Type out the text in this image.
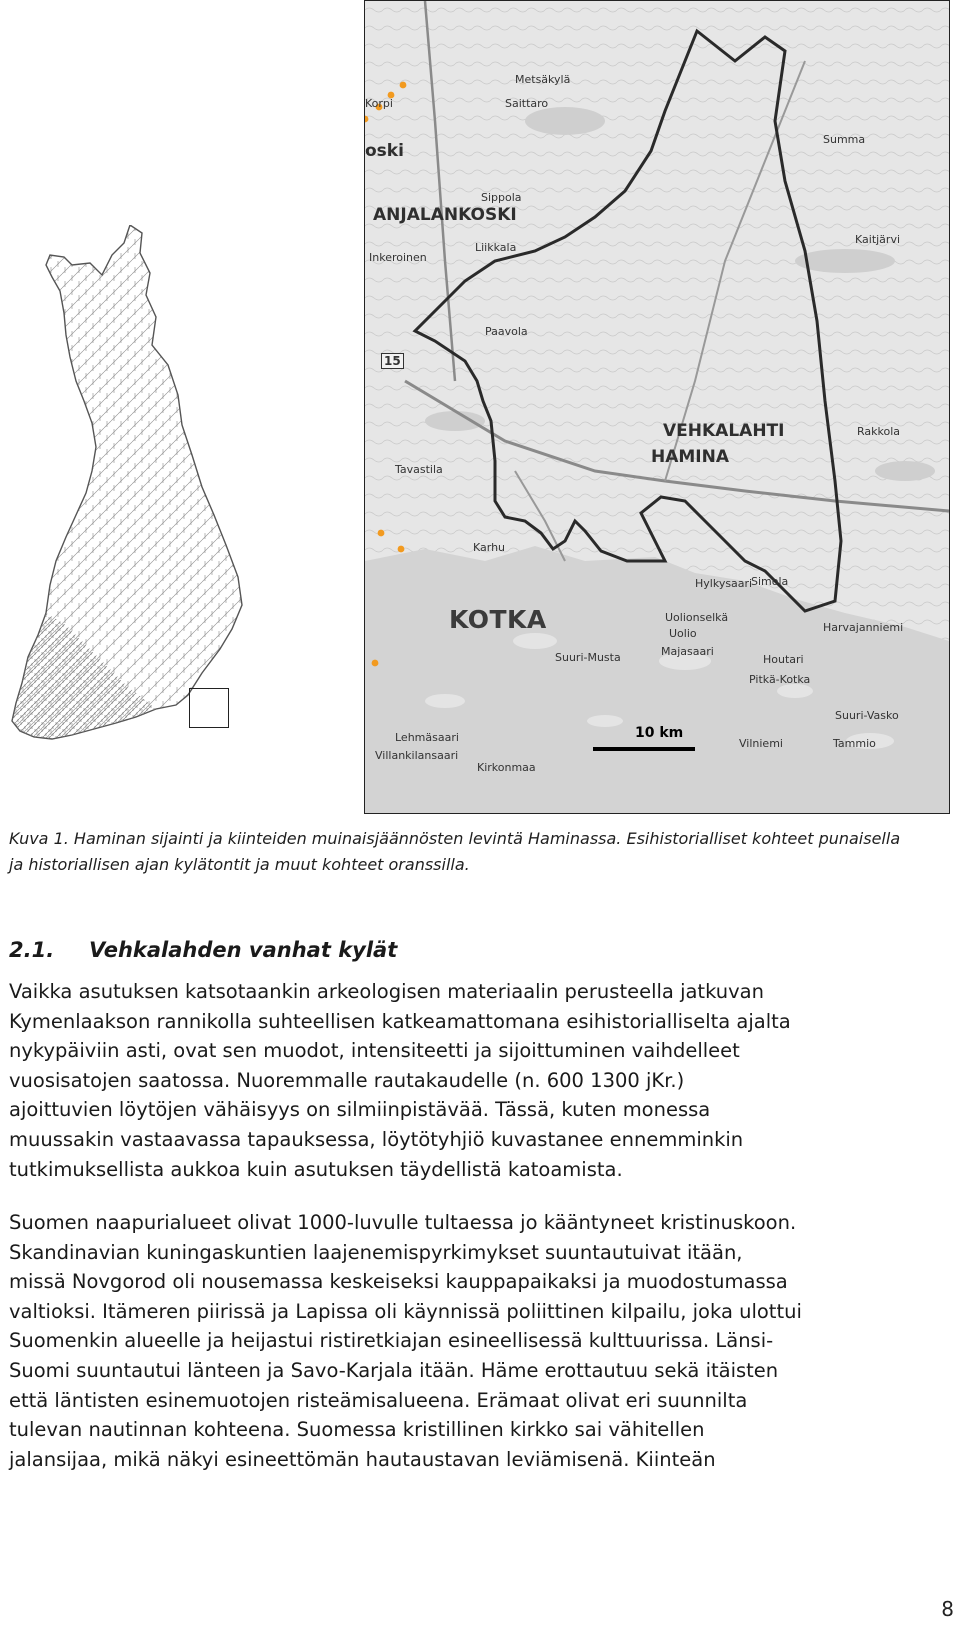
ANJALANKOSKI
oski
KOTKA
VEHKALAHTI
HAMINA
Sippola
Saittaro
Korpi
Inkeroinen
Liikkala
Tavastila
Karhu
Uolionselkä
Uolio
Majasaari
Suuri-Musta
Lehmäsaari
Villankilansaari
Kirkonmaa
Pitkä-Kotka
Houtari
Tammio
Suuri-Vasko
Harvajanniemi
Hylkysaari
Simola
Summa
Kaitjärvi
Paavola
Metsäkylä
Rakkola
Vilniemi
15
10 km
Kuva 1. Haminan sijainti ja kiinteiden muinaisjäännösten levintä Haminassa. Esihistorialliset kohteet punaisella
ja historiallisen ajan kylätontit ja muut kohteet oranssilla.
2.1. Vehkalahden vanhat kylät
Vaikka asutuksen katsotaankin arkeologisen materiaalin perusteella jatkuvan
Kymenlaakson rannikolla suhteellisen katkeamattomana esihistorialliselta ajalta
nykypäiviin asti, ovat sen muodot, intensiteetti ja sijoittuminen vaihdelleet
vuosisatojen saatossa. Nuoremmalle rautakaudelle (n. 600 1300 jKr.)
ajoittuvien löytöjen vähäisyys on silmiinpistävää. Tässä, kuten monessa
muussakin vastaavassa tapauksessa, löytötyhjiö kuvastanee ennemminkin
tutkimuksellista aukkoa kuin asutuksen täydellistä katoamista.
Suomen naapurialueet olivat 1000-luvulle tultaessa jo kääntyneet kristinuskoon.
Skandinavian kuningaskuntien laajenemispyrkimykset suuntautuivat itään,
missä Novgorod oli nousemassa keskeiseksi kauppapaikaksi ja muodostumassa
valtioksi. Itämeren piirissä ja Lapissa oli käynnissä poliittinen kilpailu, joka ulottui
Suomenkin alueelle ja heijastui ristiretkiajan esineellisessä kulttuurissa. Länsi-
Suomi suuntautui länteen ja Savo-Karjala itään. Häme erottautuu sekä itäisten
että läntisten esinemuotojen risteämisalueena. Erämaat olivat eri suunnilta
tulevan nautinnan kohteena. Suomessa kristillinen kirkko sai vähitellen
jalansijaa, mikä näkyi esineettömän hautaustavan leviämisenä. Kiinteän
8
